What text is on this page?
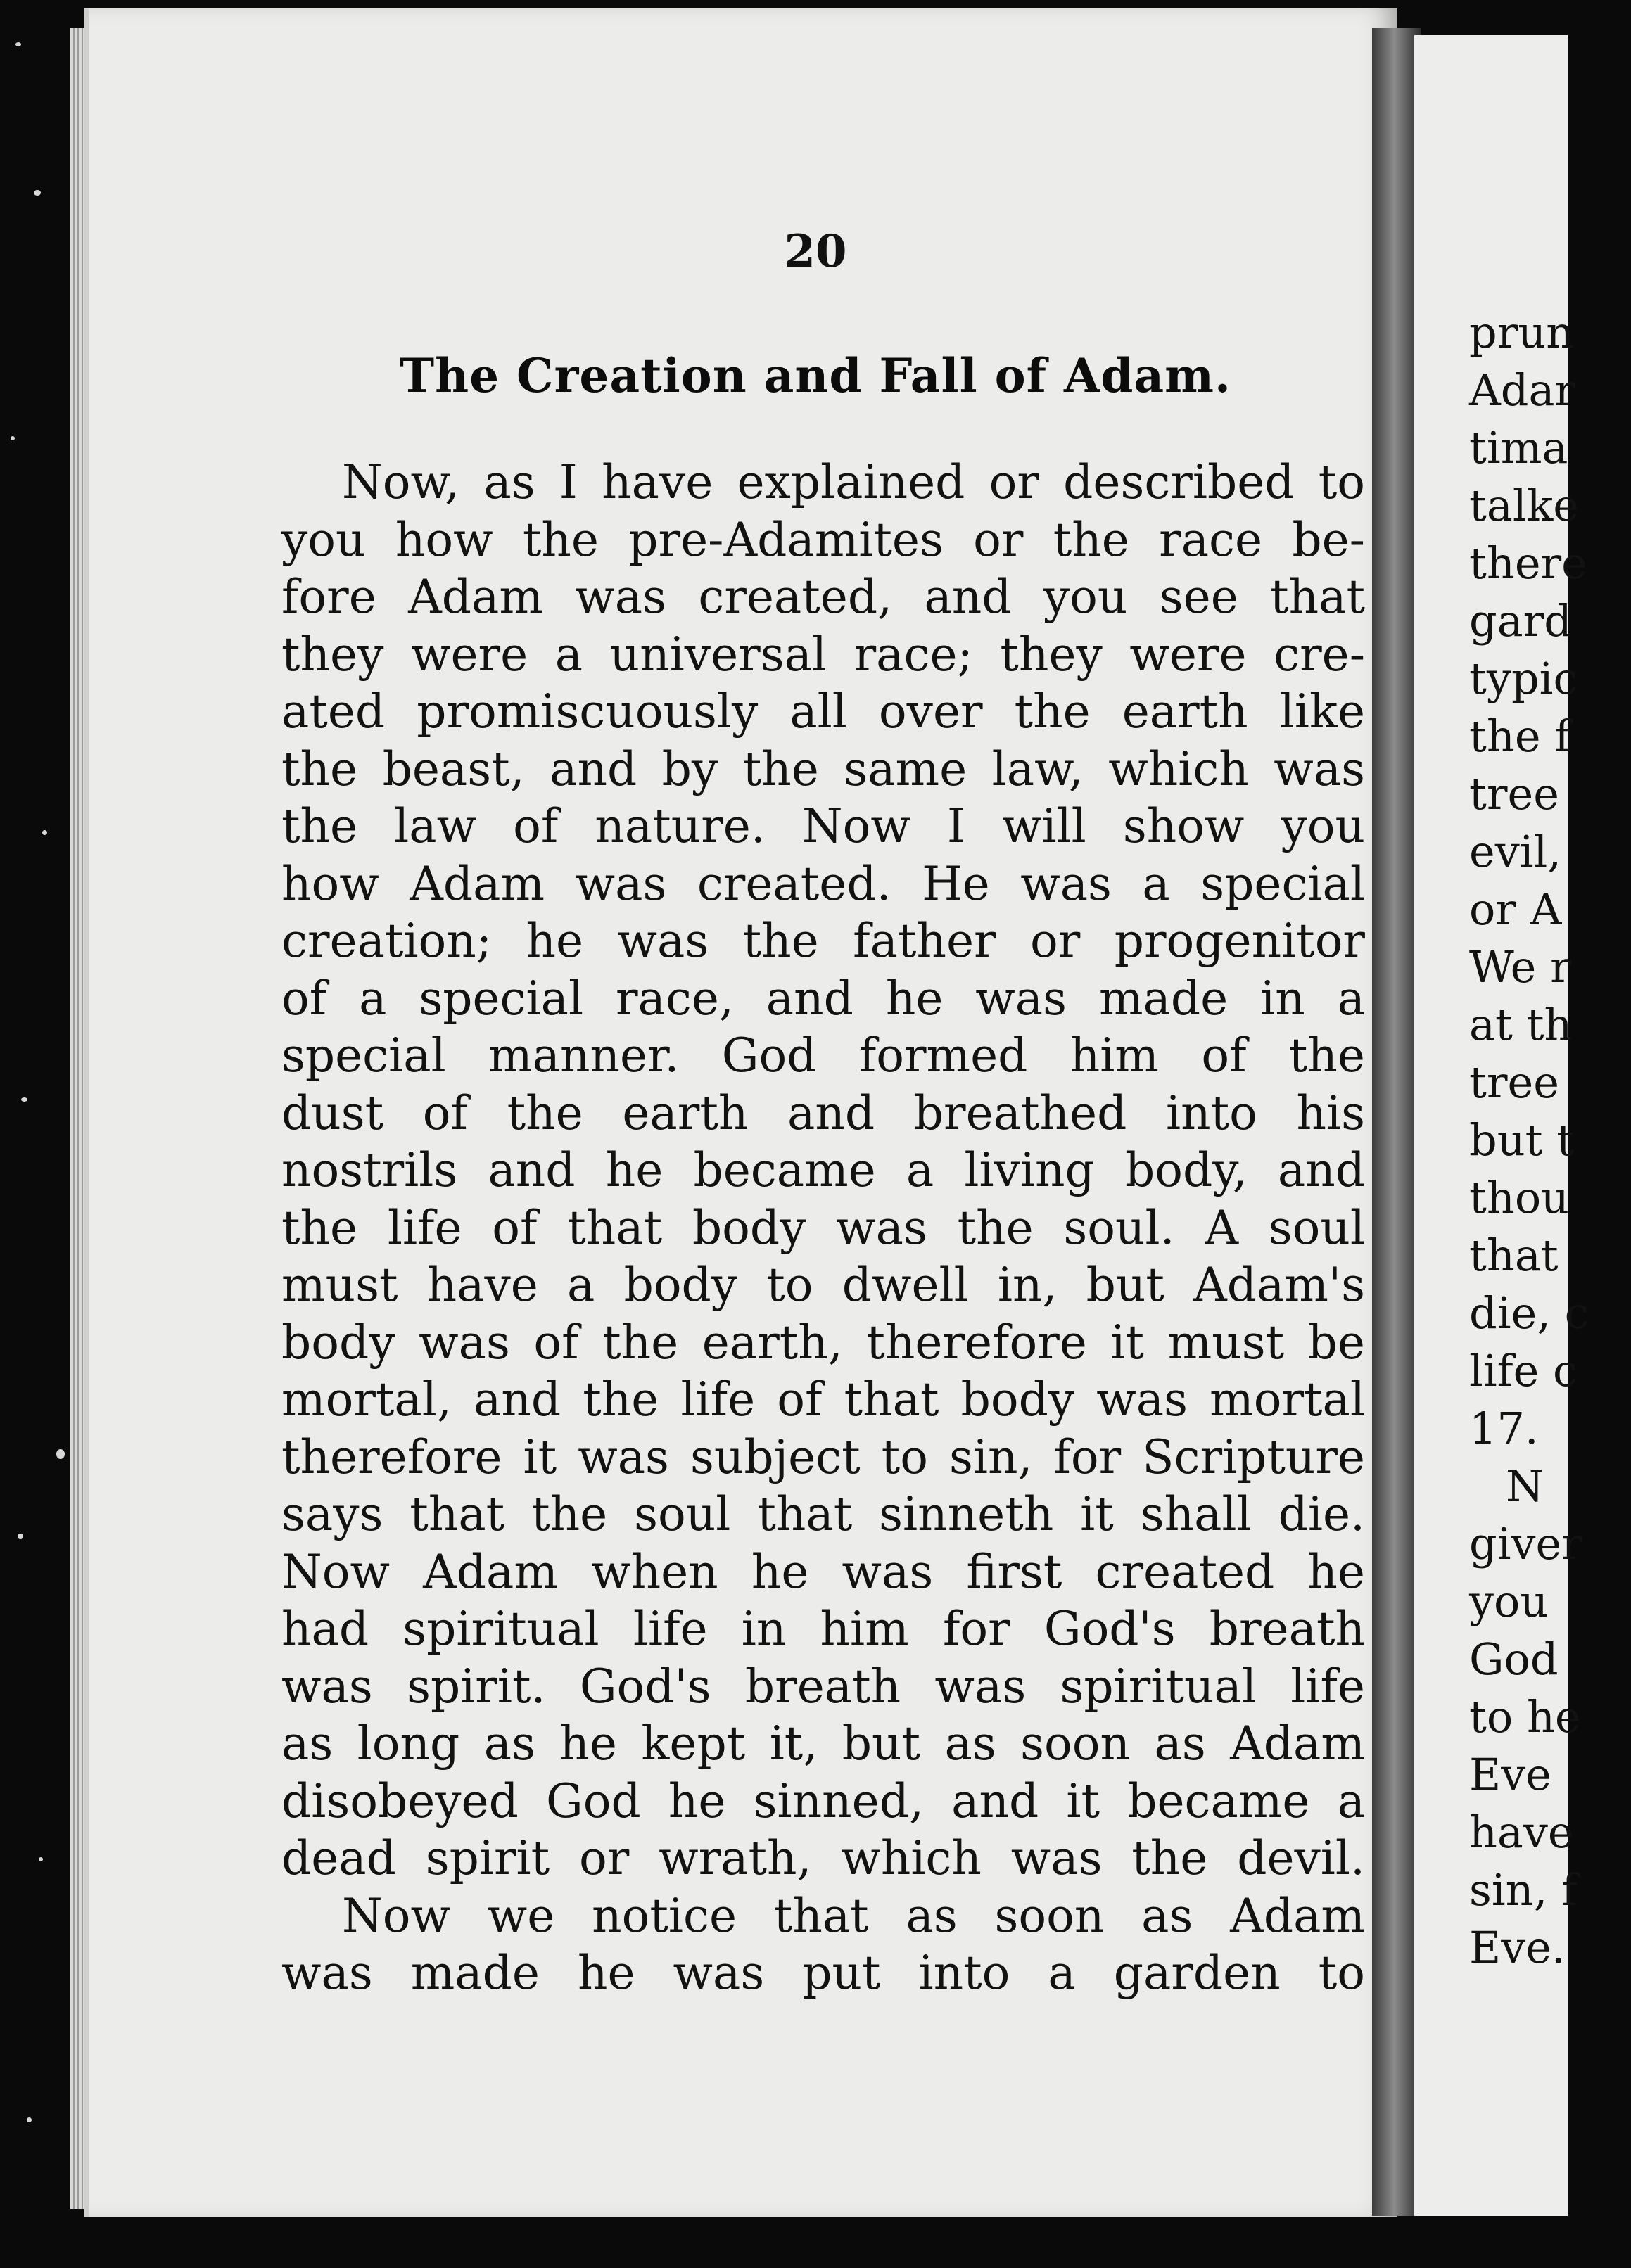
20
The Creation and Fall of Adam.
Now, as I have explained or described to
you how the pre-Adamites or the race be-
fore Adam was created, and you see that
they were a universal race; they were cre-
ated promiscuously all over the earth like
the beast, and by the same law, which was
the law of nature. Now I will show you
how Adam was created. He was a special
creation; he was the father or progenitor
of a special race, and he was made in a
special manner. God formed him of the
dust of the earth and breathed into his
nostrils and he became a living body, and
the life of that body was the soul. A soul
must have a body to dwell in, but Adam's
body was of the earth, therefore it must be
mortal, and the life of that body was mortal
therefore it was subject to sin, for Scripture
says that the soul that sinneth it shall die.
Now Adam when he was first created he
had spiritual life in him for God's breath
was spirit. God's breath was spiritual life
as long as he kept it, but as soon as Adam
disobeyed God he sinned, and it became a
dead spirit or wrath, which was the devil.
Now we notice that as soon as Adam
was made he was put into a garden to
prun
Adar
tima
talke
there
gard
typic
the f
tree
evil,
or A
We r
at th
tree
but t
thou
that
die, c
life c
17.
N
giver
you
God
to he
Eve
have
sin, f
Eve.
